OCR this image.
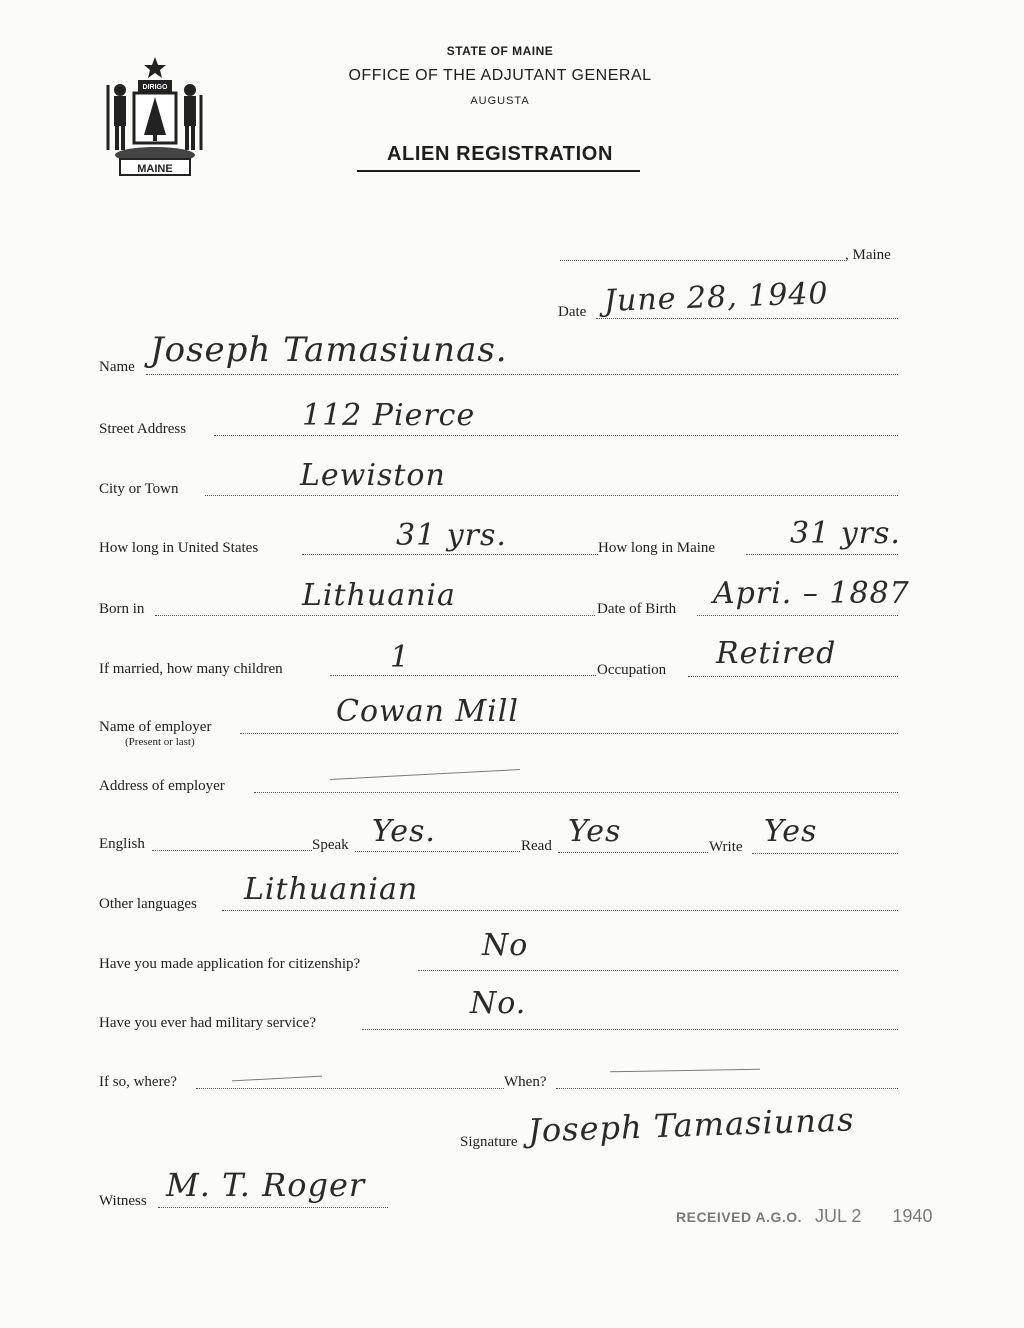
MAINE
DIRIGO
STATE OF MAINE
OFFICE OF THE ADJUTANT GENERAL
AUGUSTA
ALIEN REGISTRATION
, Maine
Date June 28, 1940
Name Joseph Tamasiunas.
Street Address	112 Pierce
City or Town	Lewiston
How long in United States	31 yrs.	How long in Maine 31 yrs.
Born in	Lithuania	Date of Birth Apri. – 1887
If married, how many children	1	Occupation Retired
Name of employer
(Present or last)
Cowan Mill
Address of employer
English	Speak Yes.	Read Yes	Write Yes
Other languages Lithuanian
Have you made application for citizenship?
No
Have you ever had military service?
No.
If so, where?	When?
Signature Joseph Tamasiunas
Witness M. T. Roger
RECEIVED A.G.O. JUL 2 1940
